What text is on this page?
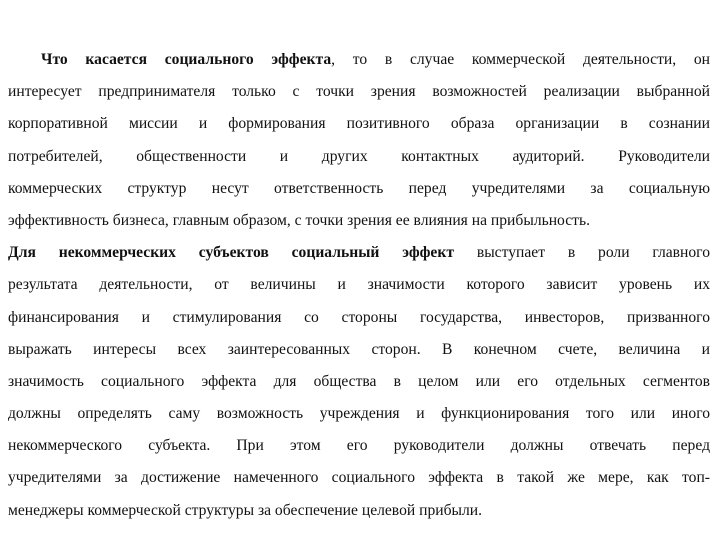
Что касается социального эффекта, то в случае коммерческой деятельности, он
интересует предпринимателя только с точки зрения возможностей реализации выбранной
корпоративной миссии и формирования позитивного образа организации в сознании
потребителей, общественности и других контактных аудиторий. Руководители
коммерческих структур несут ответственность перед учредителями за социальную
эффективность бизнеса, главным образом, с точки зрения ее влияния на прибыльность.
Для некоммерческих субъектов социальный эффект выступает в роли главного
результата деятельности, от величины и значимости которого зависит уровень их
финансирования и стимулирования со стороны государства, инвесторов, призванного
выражать интересы всех заинтересованных сторон. В конечном счете, величина и
значимость социального эффекта для общества в целом или его отдельных сегментов
должны определять саму возможность учреждения и функционирования того или иного
некоммерческого субъекта. При этом его руководители должны отвечать перед
учредителями за достижение намеченного социального эффекта в такой же мере, как топ-
менеджеры коммерческой структуры за обеспечение целевой прибыли.
